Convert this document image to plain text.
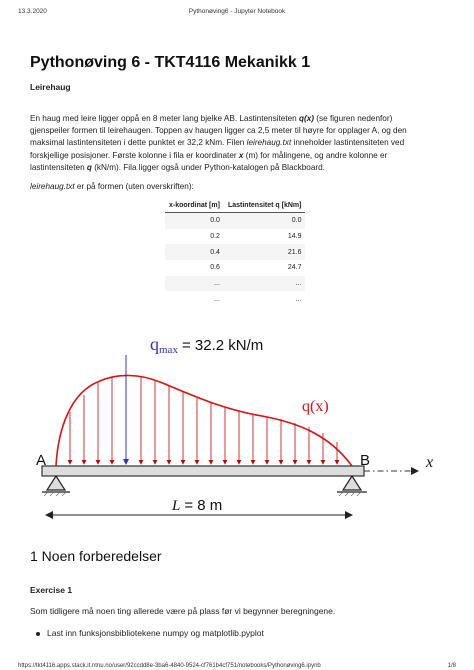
13.3.2020	Pythonøving6 - Jupyter Notebook
Pythonøving 6 - TKT4116 Mekanikk 1
Leirehaug
En haug med leire ligger oppå en 8 meter lang bjelke AB. Lastintensiteten q(x) (se figuren nedenfor)
gjenspeiler formen til leirehaugen. Toppen av haugen ligger ca 2,5 meter til høyre for opplager A, og den
maksimal lastintensiteten i dette punktet er 32,2 kNm. Filen leirehaug.txt inneholder lastintensiteten ved
forskjellige posisjoner. Første kolonne i fila er koordinater x (m) for målingene, og andre kolonne er
lastintensiteten q (kN/m). Fila ligger også under Python-katalogen på Blackboard.
leirehaug.txt er på formen (uten overskriften):
x-koordinat [m]	Lastintensitet q [kNm]
0.0	0.0
0.2	14.9
0.4	21.6
0.6	24.7
...	...
...	...
qmax = 32.2 kN/m
q(x)
A	B	x
L = 8 m
1 Noen forberedelser
Exercise 1
Som tidligere må noen ting allerede være på plass før vi begynner beregningene.
Last inn funksjonsbibliotekene numpy og matplotlib.pyplot
https://tkt4116.apps.stack.it.ntnu.no/user/92ccdd8e-3ba6-4840-9524-cf761b4cf751/notebooks/Pythonøving6.ipynb	1/8
